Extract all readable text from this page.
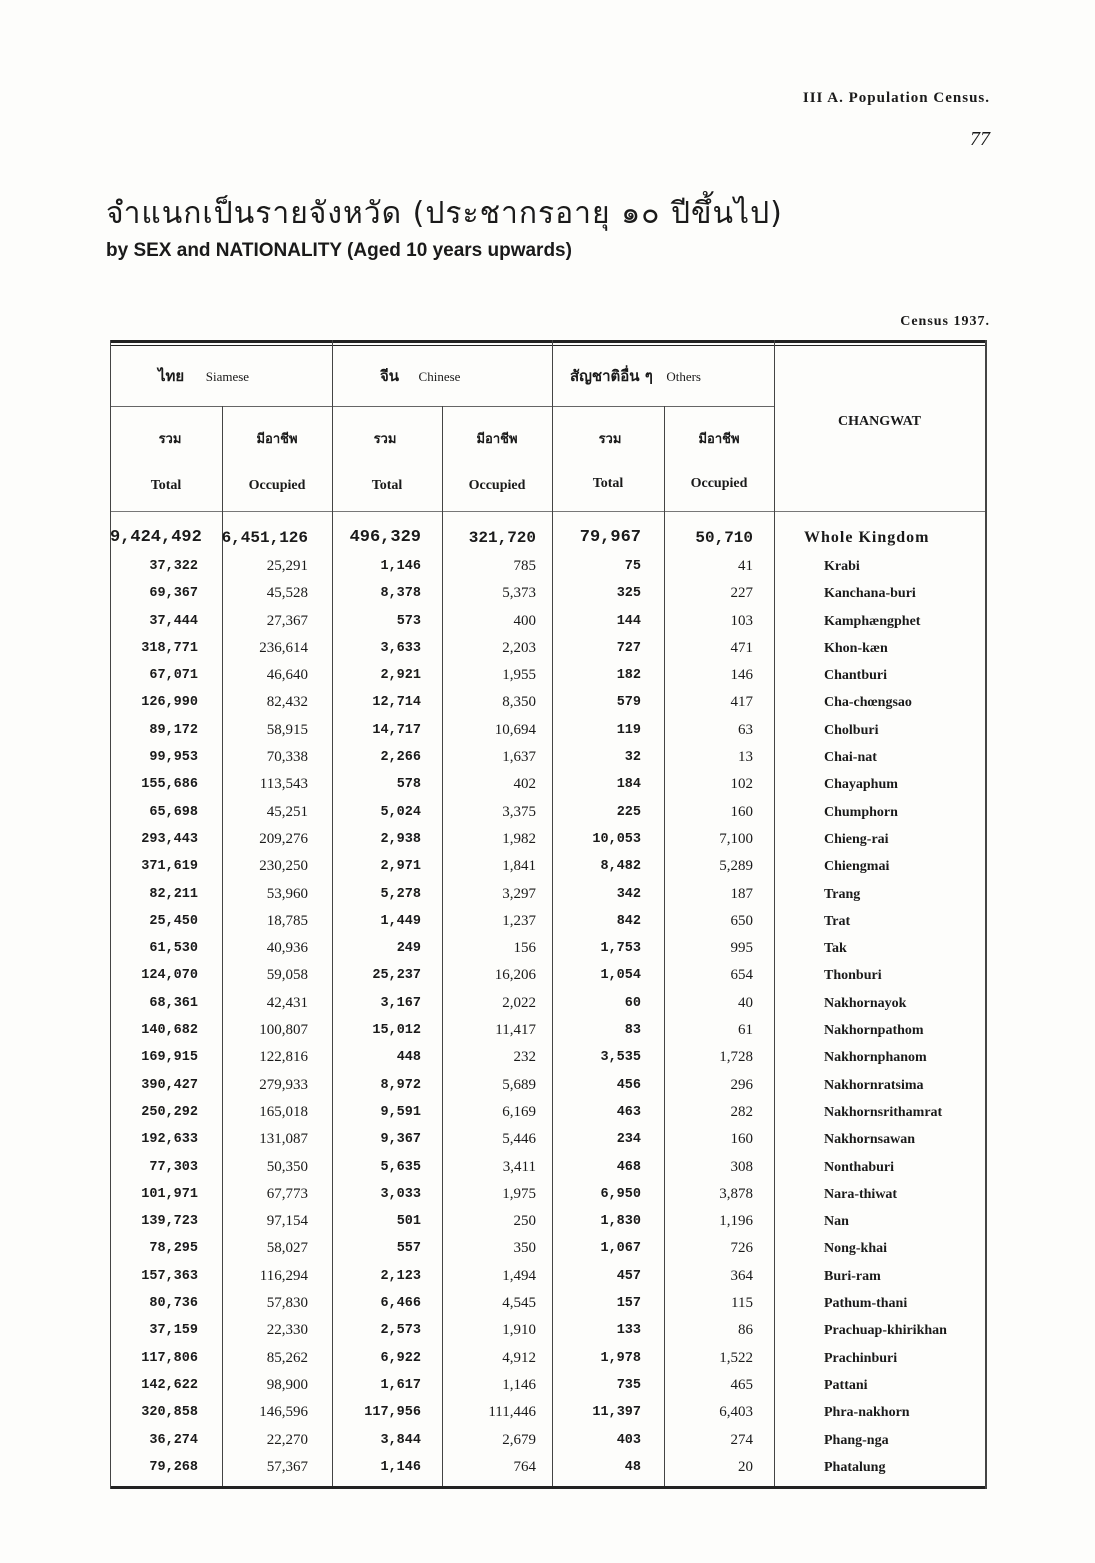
III A. Population Census.
77
จำแนกเป็นรายจังหวัด (ประชากรอายุ ๑๐ ปีขึ้นไป)
by SEX and NATIONALITY (Aged 10 years upwards)
Census 1937.
ไทย Siamese	จีน Chinese	สัญชาติอื่น ๆ Others
CHANGWAT
รวม	มีอาชีพ	รวม	มีอาชีพ	รวม	มีอาชีพ
Total	Occupied	Total	Occupied	Total	Occupied
9,424,492	6,451,126	496,329	321,720	79,967	50,710	Whole Kingdom
37,322	25,291	1,146	785	75	41	Krabi
69,367	45,528	8,378	5,373	325	227	Kanchana-buri
37,444	27,367	573	400	144	103	Kamphængphet
318,771	236,614	3,633	2,203	727	471	Khon-kæn
67,071	46,640	2,921	1,955	182	146	Chantburi
126,990	82,432	12,714	8,350	579	417	Cha-chœngsao
89,172	58,915	14,717	10,694	119	63	Cholburi
99,953	70,338	2,266	1,637	32	13	Chai-nat
155,686	113,543	578	402	184	102	Chayaphum
65,698	45,251	5,024	3,375	225	160	Chumphorn
293,443	209,276	2,938	1,982	10,053	7,100	Chieng-rai
371,619	230,250	2,971	1,841	8,482	5,289	Chiengmai
82,211	53,960	5,278	3,297	342	187	Trang
25,450	18,785	1,449	1,237	842	650	Trat
61,530	40,936	249	156	1,753	995	Tak
124,070	59,058	25,237	16,206	1,054	654	Thonburi
68,361	42,431	3,167	2,022	60	40	Nakhornayok
140,682	100,807	15,012	11,417	83	61	Nakhornpathom
169,915	122,816	448	232	3,535	1,728	Nakhornphanom
390,427	279,933	8,972	5,689	456	296	Nakhornratsima
250,292	165,018	9,591	6,169	463	282	Nakhornsrithamrat
192,633	131,087	9,367	5,446	234	160	Nakhornsawan
77,303	50,350	5,635	3,411	468	308	Nonthaburi
101,971	67,773	3,033	1,975	6,950	3,878	Nara-thiwat
139,723	97,154	501	250	1,830	1,196	Nan
78,295	58,027	557	350	1,067	726	Nong-khai
157,363	116,294	2,123	1,494	457	364	Buri-ram
80,736	57,830	6,466	4,545	157	115	Pathum-thani
37,159	22,330	2,573	1,910	133	86	Prachuap-khirikhan
117,806	85,262	6,922	4,912	1,978	1,522	Prachinburi
142,622	98,900	1,617	1,146	735	465	Pattani
320,858	146,596	117,956	111,446	11,397	6,403	Phra-nakhorn
36,274	22,270	3,844	2,679	403	274	Phang-nga
79,268	57,367	1,146	764	48	20	Phatalung
